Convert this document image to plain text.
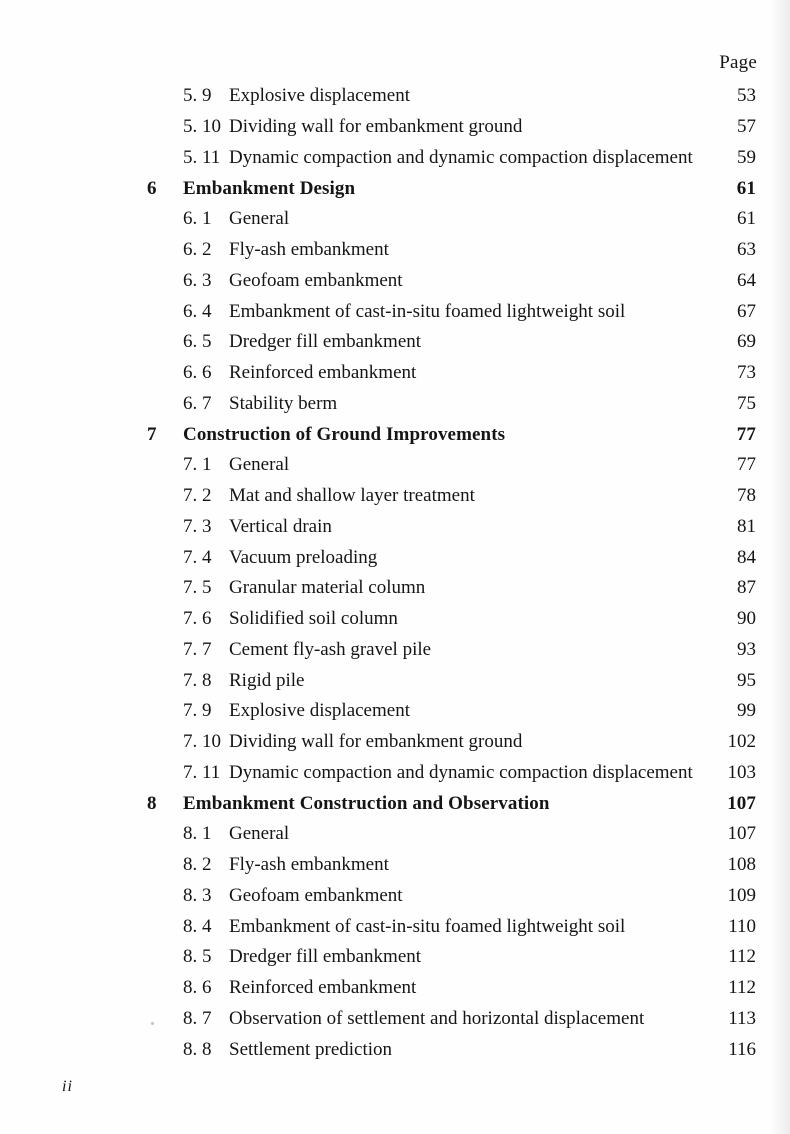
Page
5. 9 Explosive displacement	53
5. 10 Dividing wall for embankment ground	57
5. 11 Dynamic compaction and dynamic compaction displacement	59
6	Embankment Design	61
6. 1 General	61
6. 2 Fly-ash embankment	63
6. 3 Geofoam embankment	64
6. 4 Embankment of cast-in-situ foamed lightweight soil	67
6. 5 Dredger fill embankment	69
6. 6 Reinforced embankment	73
6. 7 Stability berm	75
7	Construction of Ground Improvements	77
7. 1 General	77
7. 2 Mat and shallow layer treatment	78
7. 3 Vertical drain	81
7. 4 Vacuum preloading	84
7. 5 Granular material column	87
7. 6 Solidified soil column	90
7. 7 Cement fly-ash gravel pile	93
7. 8 Rigid pile	95
7. 9 Explosive displacement	99
7. 10 Dividing wall for embankment ground	102
7. 11 Dynamic compaction and dynamic compaction displacement	103
8	Embankment Construction and Observation	107
8. 1 General	107
8. 2 Fly-ash embankment	108
8. 3 Geofoam embankment	109
8. 4 Embankment of cast-in-situ foamed lightweight soil	110
8. 5 Dredger fill embankment	112
8. 6 Reinforced embankment	112
8. 7 Observation of settlement and horizontal displacement	113
8. 8 Settlement prediction	116
ii
